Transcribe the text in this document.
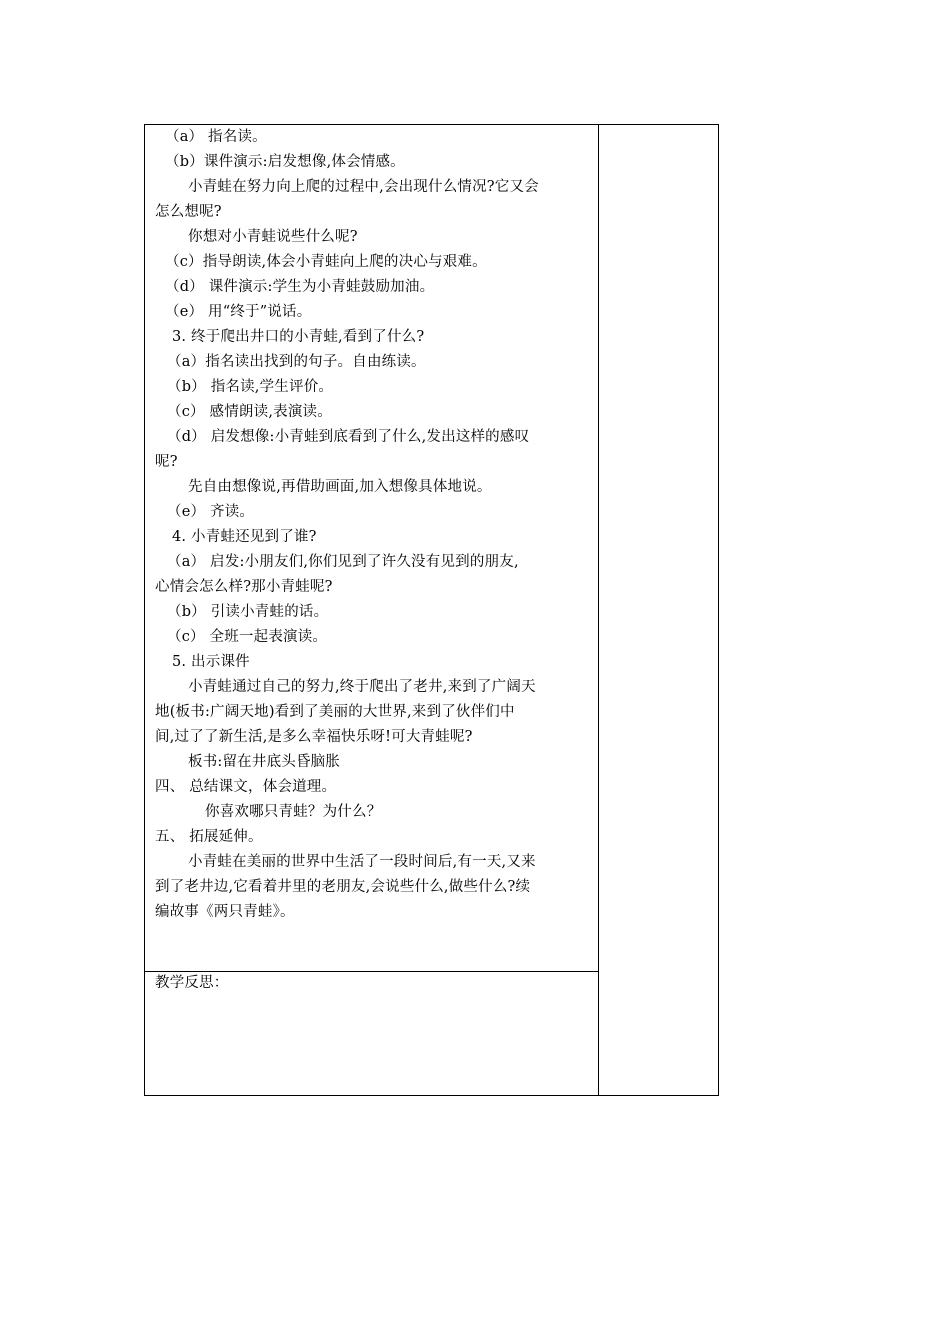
（a） 指名读。
（b）课件演示:启发想像,体会情感。
小青蛙在努力向上爬的过程中,会出现什么情况?它又会
怎么想呢?
你想对小青蛙说些什么呢?
（c）指导朗读,体会小青蛙向上爬的决心与艰难。
（d） 课件演示:学生为小青蛙鼓励加油。
（e） 用“终于”说话。
3. 终于爬出井口的小青蛙,看到了什么?
（a）指名读出找到的句子。自由练读。
（b） 指名读,学生评价。
（c） 感情朗读,表演读。
（d） 启发想像:小青蛙到底看到了什么,发出这样的感叹
呢?
先自由想像说,再借助画面,加入想像具体地说。
（e） 齐读。
4. 小青蛙还见到了谁?
（a） 启发:小朋友们,你们见到了许久没有见到的朋友,
心情会怎么样?那小青蛙呢?
（b） 引读小青蛙的话。
（c） 全班一起表演读。
5. 出示课件
小青蛙通过自己的努力,终于爬出了老井,来到了广阔天
地(板书:广阔天地)看到了美丽的大世界,来到了伙伴们中
间,过了了新生活,是多么幸福快乐呀!可大青蛙呢?
板书:留在井底头昏脑胀
四、 总结课文，体会道理。
你喜欢哪只青蛙？为什么？
五、 拓展延伸。
小青蛙在美丽的世界中生活了一段时间后,有一天,又来
到了老井边,它看着井里的老朋友,会说些什么,做些什么?续
编故事《两只青蛙》。
教学反思：
